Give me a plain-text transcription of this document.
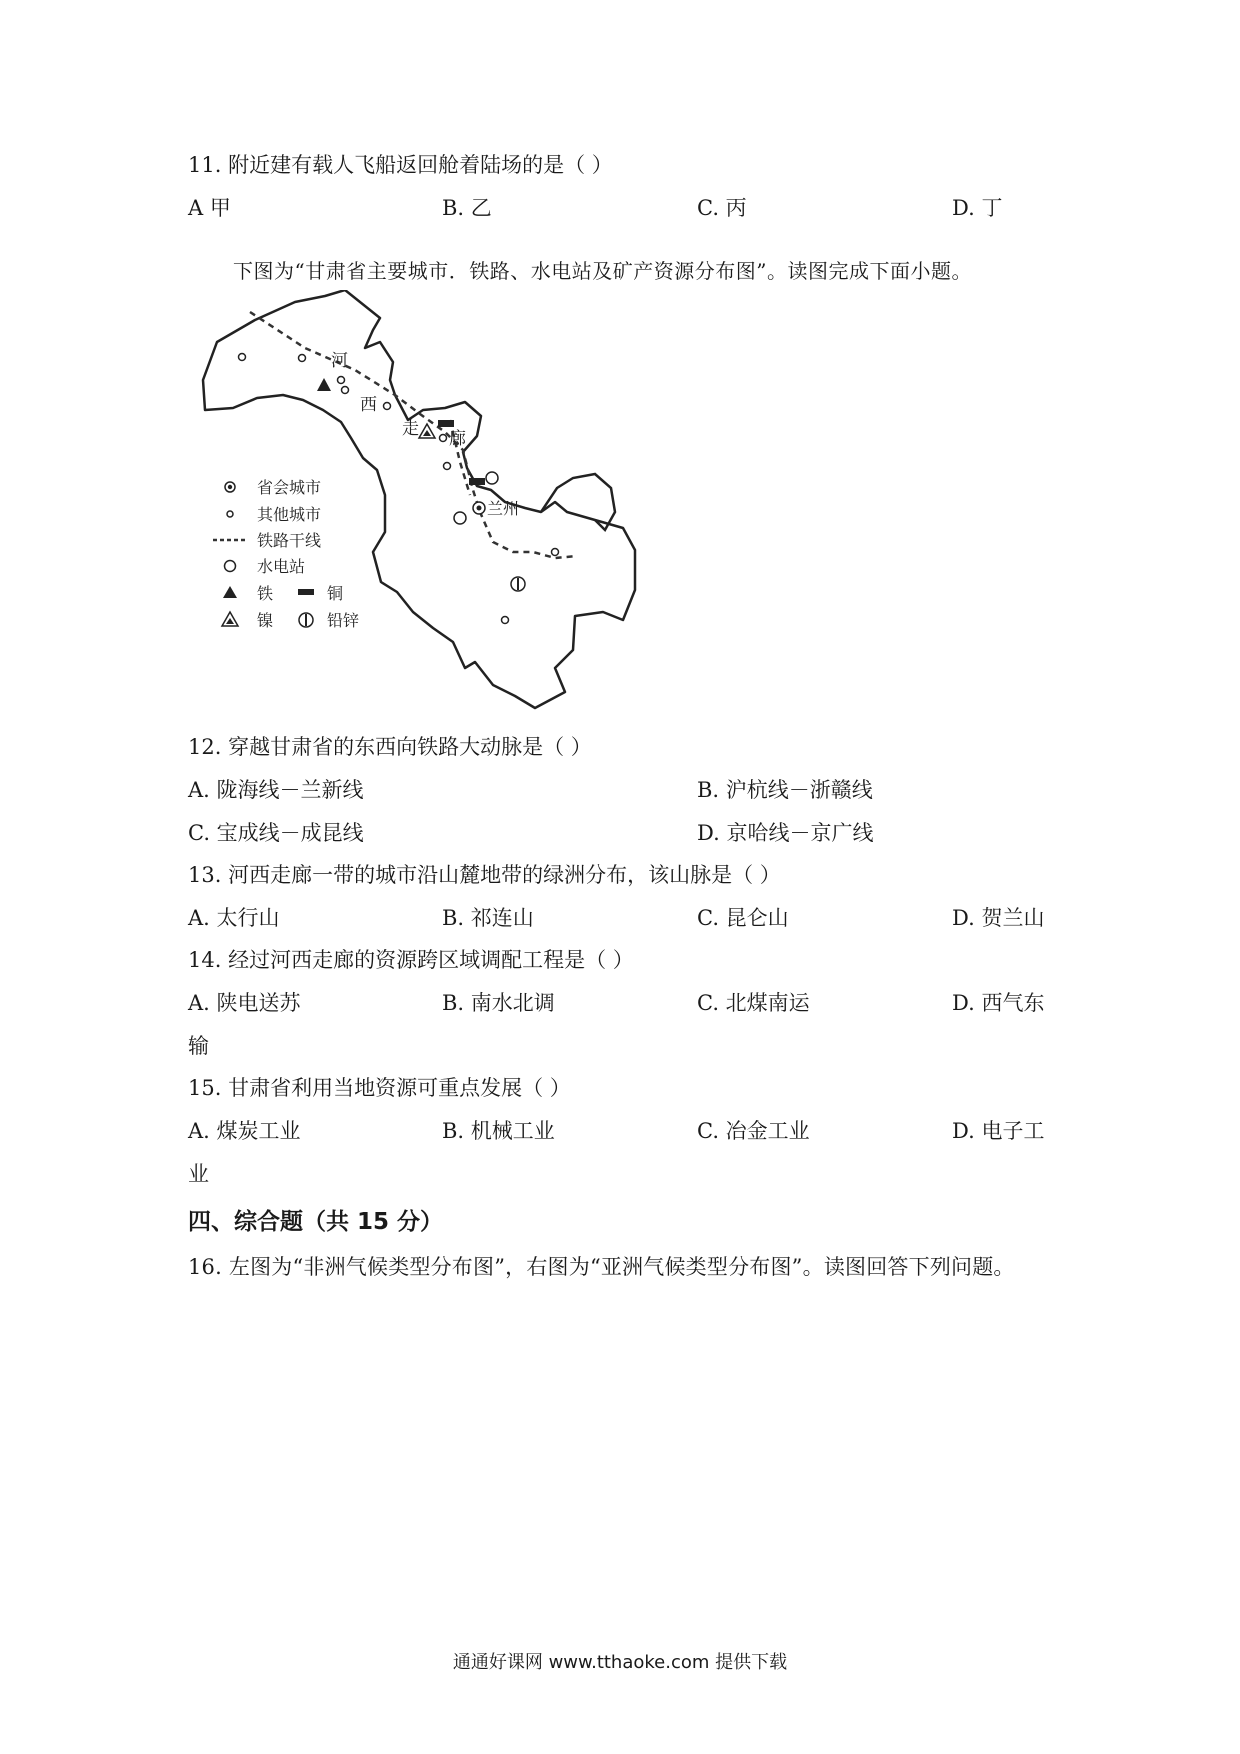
11. 附近建有载人飞船返回舱着陆场的是（ ）
A 甲	B. 乙	C. 丙	D. 丁
下图为“甘肃省主要城市．铁路、水电站及矿产资源分布图”。读图完成下面小题。
河
西
走 廊
兰州
省会城市
其他城市
铁路干线
水电站
铁	铜
镍	铅锌
12. 穿越甘肃省的东西向铁路大动脉是（ ）
A. 陇海线－兰新线	B. 沪杭线－浙赣线
C. 宝成线－成昆线	D. 京哈线－京广线
13. 河西走廊一带的城市沿山麓地带的绿洲分布，该山脉是（ ）
A. 太行山	B. 祁连山	C. 昆仑山	D. 贺兰山
14. 经过河西走廊的资源跨区域调配工程是（ ）
A. 陕电送苏	B. 南水北调	C. 北煤南运	D. 西气东
输
15. 甘肃省利用当地资源可重点发展（ ）
A. 煤炭工业	B. 机械工业	C. 冶金工业	D. 电子工
业
四、综合题（共 15 分）
16. 左图为“非洲气候类型分布图”，右图为“亚洲气候类型分布图”。读图回答下列问题。
通通好课网 www.tthaoke.com 提供下载
